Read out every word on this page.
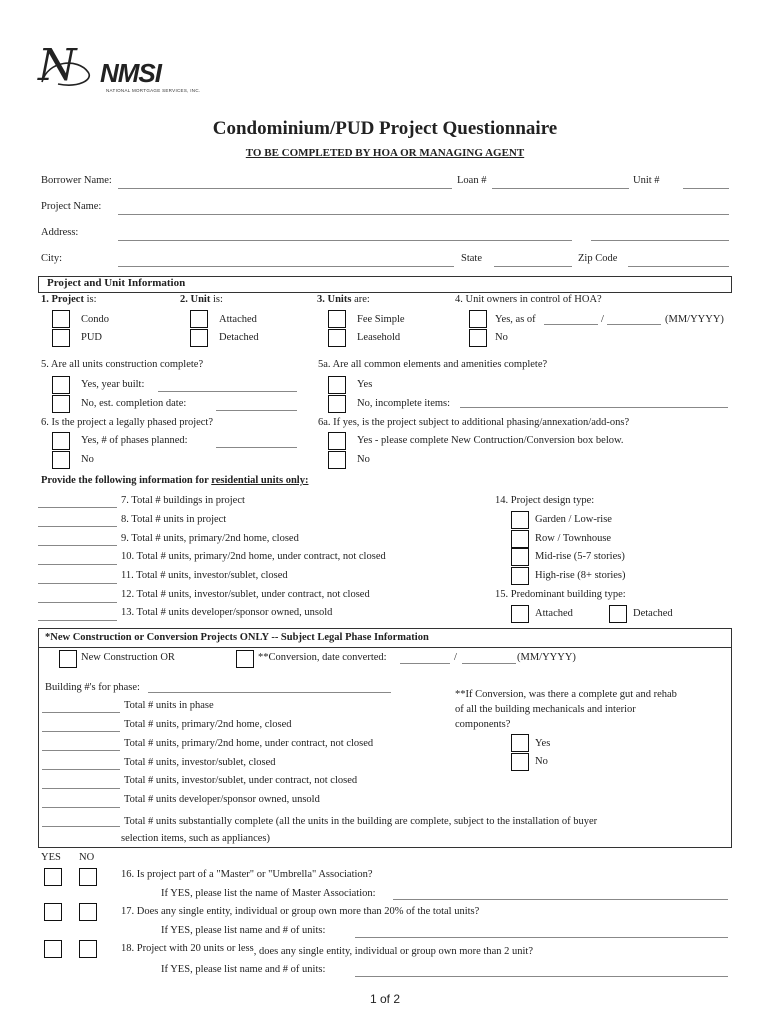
N NMSI
NATIONAL MORTGAGE SERVICES, INC.
Condominium/PUD Project Questionnaire
TO BE COMPLETED BY HOA OR MANAGING AGENT
Borrower Name:	Loan #	Unit #
Project Name:
Address:
City:	State	Zip Code
Project and Unit Information
1. Project is:
Condo
PUD
2. Unit is:
Attached
Detached
3. Units are:
Fee Simple
Leasehold
4. Unit owners in control of HOA?
Yes, as of	/	(MM/YYYY)
No
5. Are all units construction complete?
Yes, year built:
No, est. completion date:
5a. Are all common elements and amenities complete?
Yes
No, incomplete items:
6. Is the project a legally phased project?
Yes, # of phases planned:
No
6a. If yes, is the project subject to additional phasing/annexation/add-ons?
Yes - please complete New Contruction/Conversion box below.
No
Provide the following information for residential units only:
7. Total # buildings in project
8. Total # units in project
9. Total # units, primary/2nd home, closed
10. Total # units, primary/2nd home, under contract, not closed
11. Total # units, investor/sublet, closed
12. Total # units, investor/sublet, under contract, not closed
13. Total # units developer/sponsor owned, unsold
14. Project design type:
Garden / Low-rise
Row / Townhouse
Mid-rise (5-7 stories)
High-rise (8+ stories)
15. Predominant building type:
Attached	Detached
*New Construction or Conversion Projects ONLY -- Subject Legal Phase Information
New Construction OR	**Conversion, date converted:	/	(MM/YYYY)
Building #'s for phase:
Total # units in phase
Total # units, primary/2nd home, closed
Total # units, primary/2nd home, under contract, not closed
Total # units, investor/sublet, closed
Total # units, investor/sublet, under contract, not closed
Total # units developer/sponsor owned, unsold
Total # units substantially complete (all the units in the building are complete, subject to the installation of buyer
selection items, such as appliances)
**If Conversion, was there a complete gut and rehab
of all the building mechanicals and interior
components?
Yes
No
YES NO
16. Is project part of a "Master" or "Umbrella" Association?
If YES, please list the name of Master Association:
17. Does any single entity, individual or group own more than 20% of the total units?
If YES, please list name and # of units:
18. Project with 20 units or less, does any single entity, individual or group own more than 2 unit?
If YES, please list name and # of units:
1 of 2
